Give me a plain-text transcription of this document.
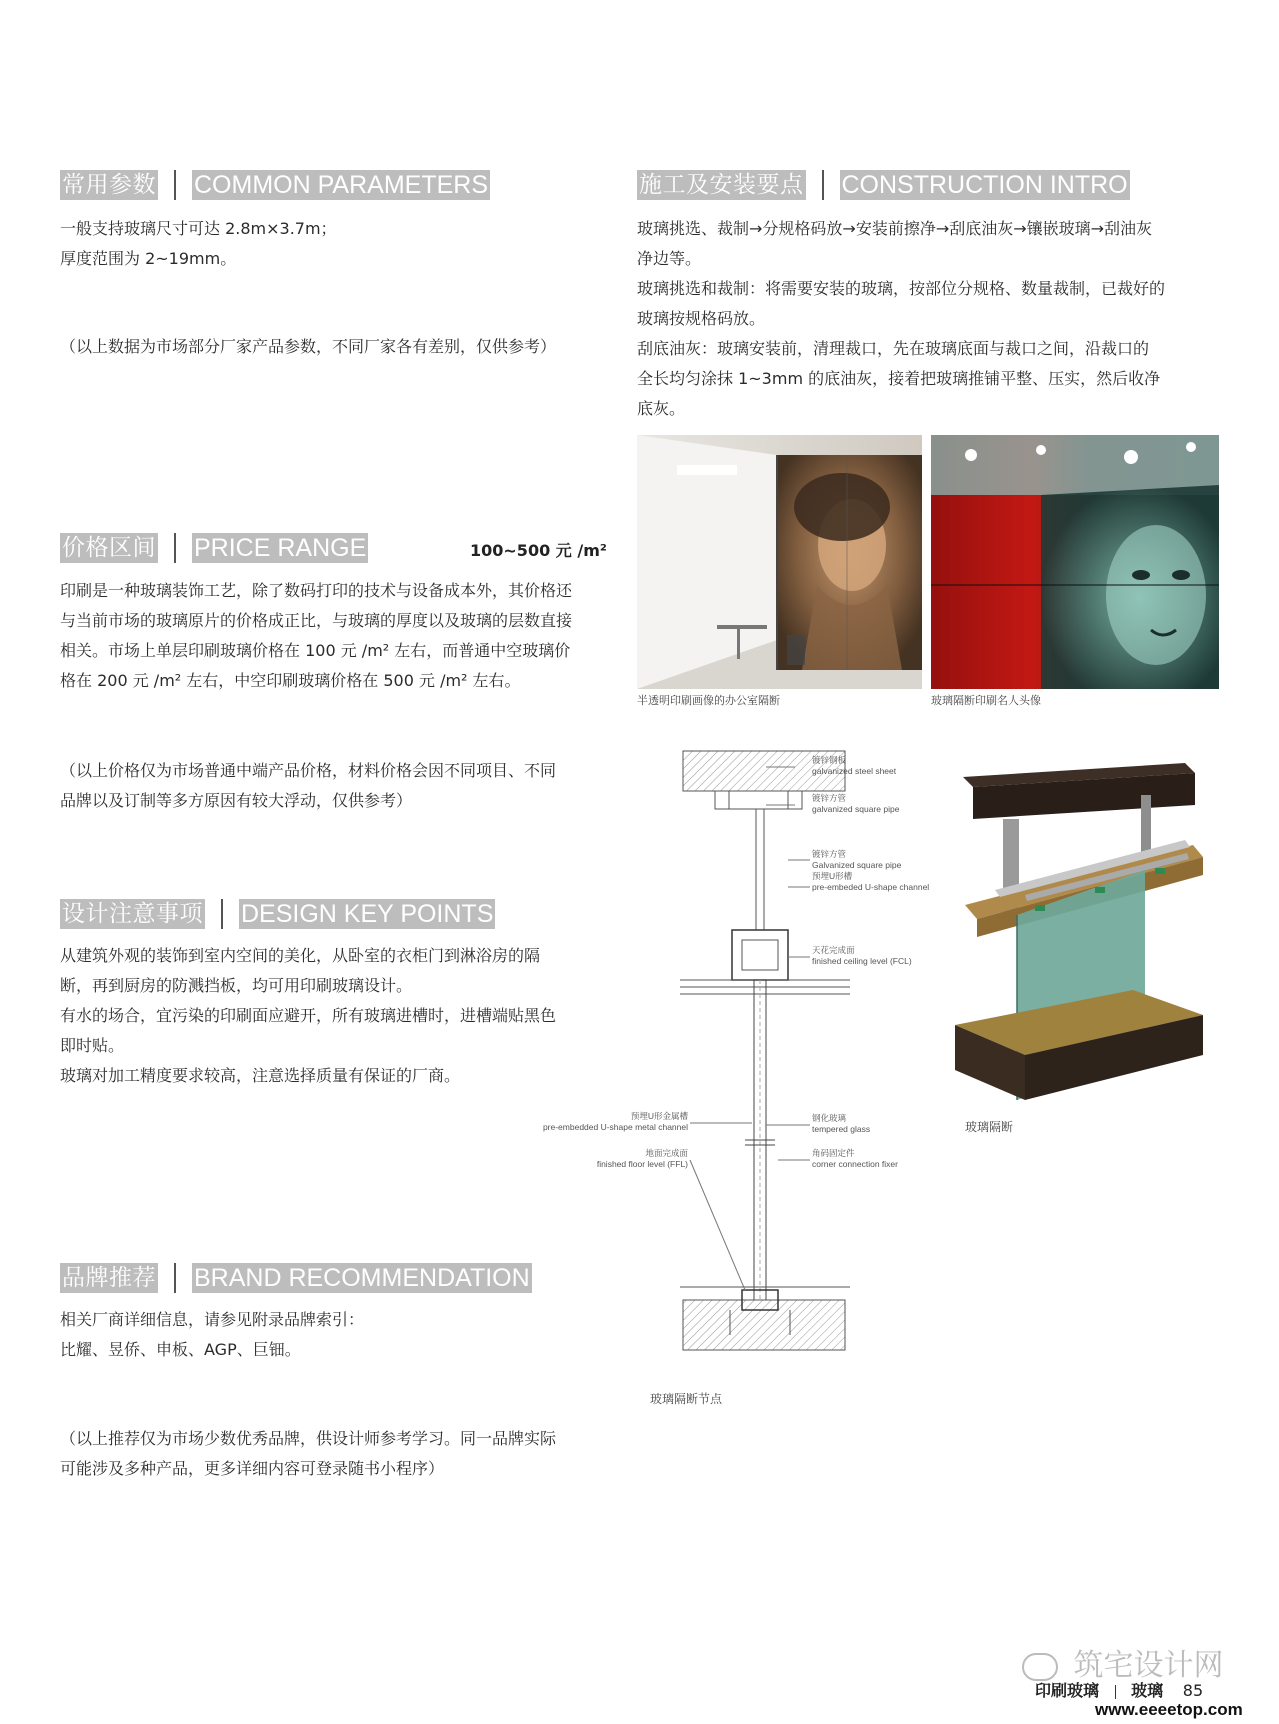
常用参数 COMMON PARAMETERS

一般支持玻璃尺寸可达 2.8m×3.7m；

厚度范围为 2~19mm。

（以上数据为市场部分厂家产品参数，不同厂家各有差别，仅供参考）
价格区间 PRICE RANGE	100~500 元 /m²

印刷是一种玻璃装饰工艺，除了数码打印的技术与设备成本外，其价格还

与当前市场的玻璃原片的价格成正比，与玻璃的厚度以及玻璃的层数直接

相关。市场上单层印刷玻璃价格在 100 元 /m² 左右，而普通中空玻璃价

格在 200 元 /m² 左右，中空印刷玻璃价格在 500 元 /m² 左右。

（以上价格仅为市场普通中端产品价格，材料价格会因不同项目、不同
品牌以及订制等多方原因有较大浮动，仅供参考）
设计注意事项 DESIGN KEY POINTS

从建筑外观的装饰到室内空间的美化，从卧室的衣柜门到淋浴房的隔

断，再到厨房的防溅挡板，均可用印刷玻璃设计。

有水的场合，宜污染的印刷面应避开，所有玻璃进槽时，进槽端贴黑色

即时贴。

玻璃对加工精度要求较高，注意选择质量有保证的厂商。

品牌推荐 BRAND RECOMMENDATION

相关厂商详细信息，请参见附录品牌索引：

比耀、昱侨、申板、AGP、巨钿。

（以上推荐仅为市场少数优秀品牌，供设计师参考学习。同一品牌实际
可能涉及多种产品，更多详细内容可登录随书小程序）
施工及安装要点 CONSTRUCTION INTRO

玻璃挑选、裁制→分规格码放→安装前擦净→刮底油灰→镶嵌玻璃→刮油灰

净边等。

玻璃挑选和裁制：将需要安装的玻璃，按部位分规格、数量裁制，已裁好的

玻璃按规格码放。

刮底油灰：玻璃安装前，清理裁口，先在玻璃底面与裁口之间，沿裁口的

全长均匀涂抹 1~3mm 的底油灰，接着把玻璃推铺平整、压实，然后收净

底灰。

半透明印刷画像的办公室隔断	玻璃隔断印刷名人头像
镀锌钢板
galvanized steel sheet
镀锌方管
galvanized square pipe
镀锌方管
Galvanized square pipe
预埋U形槽
pre-embeded U-shape channel
天花完成面
finished ceiling level (FCL)
钢化玻璃
tempered glass
角码固定件
corner connection fixer
预埋U形金属槽
pre-embedded U-shape metal channel
地面完成面
finished floor level (FFL)
玻璃隔断节点
玻璃隔断
筑宅设计网
印刷玻璃 玻璃 85
www.eeeetop.com
